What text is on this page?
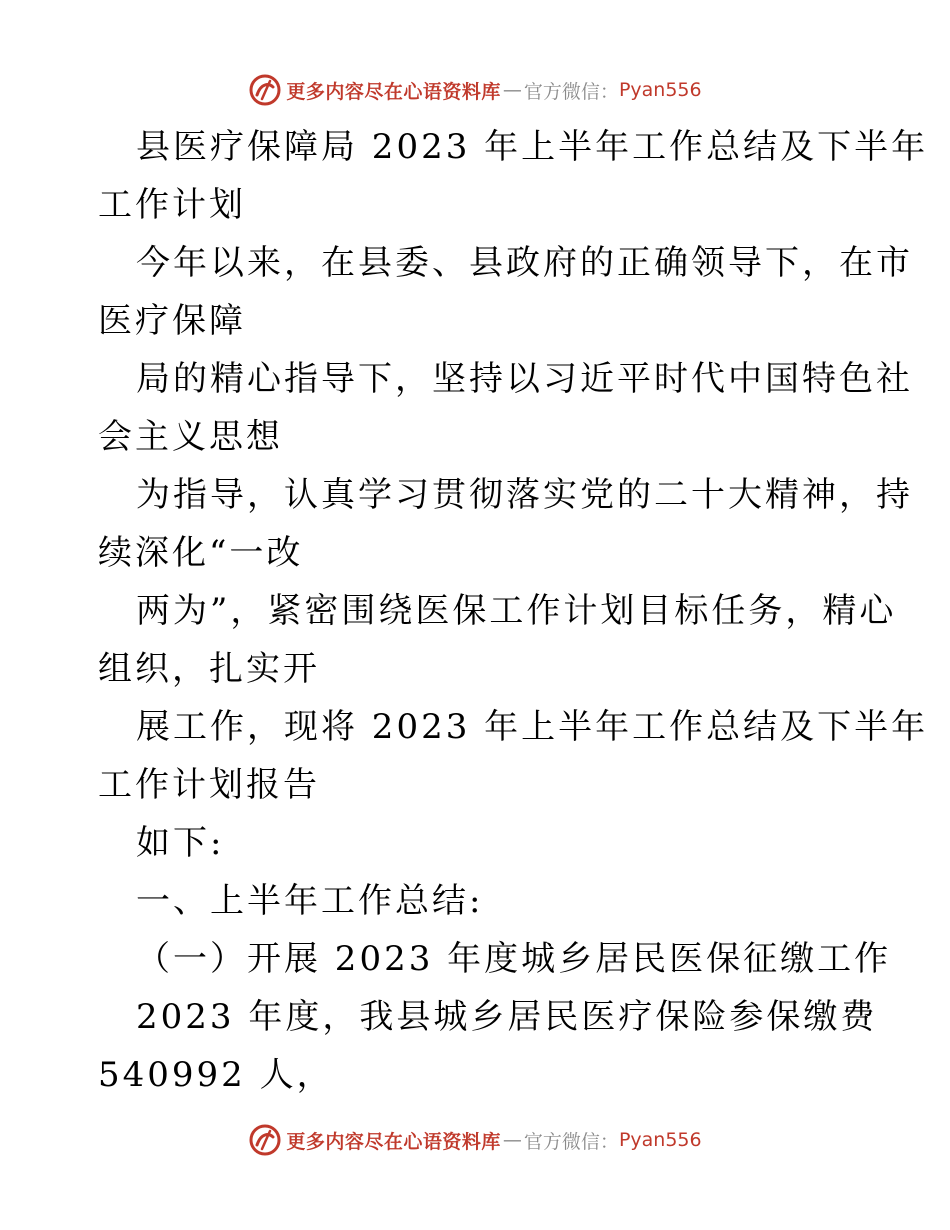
更多内容尽在心语资料库 — 官方微信： Pyan556
县医疗保障局 2023 年上半年工作总结及下半年
工作计划
今年以来，在县委、县政府的正确领导下，在市
医疗保障
局的精心指导下，坚持以习近平时代中国特色社
会主义思想
为指导，认真学习贯彻落实党的二十大精神，持
续深化“一改
两为”，紧密围绕医保工作计划目标任务，精心
组织，扎实开
展工作，现将 2023 年上半年工作总结及下半年
工作计划报告
如下:
一、上半年工作总结:
（一）开展 2023 年度城乡居民医保征缴工作
2023 年度，我县城乡居民医疗保险参保缴费
540992 人，
更多内容尽在心语资料库 — 官方微信： Pyan556
